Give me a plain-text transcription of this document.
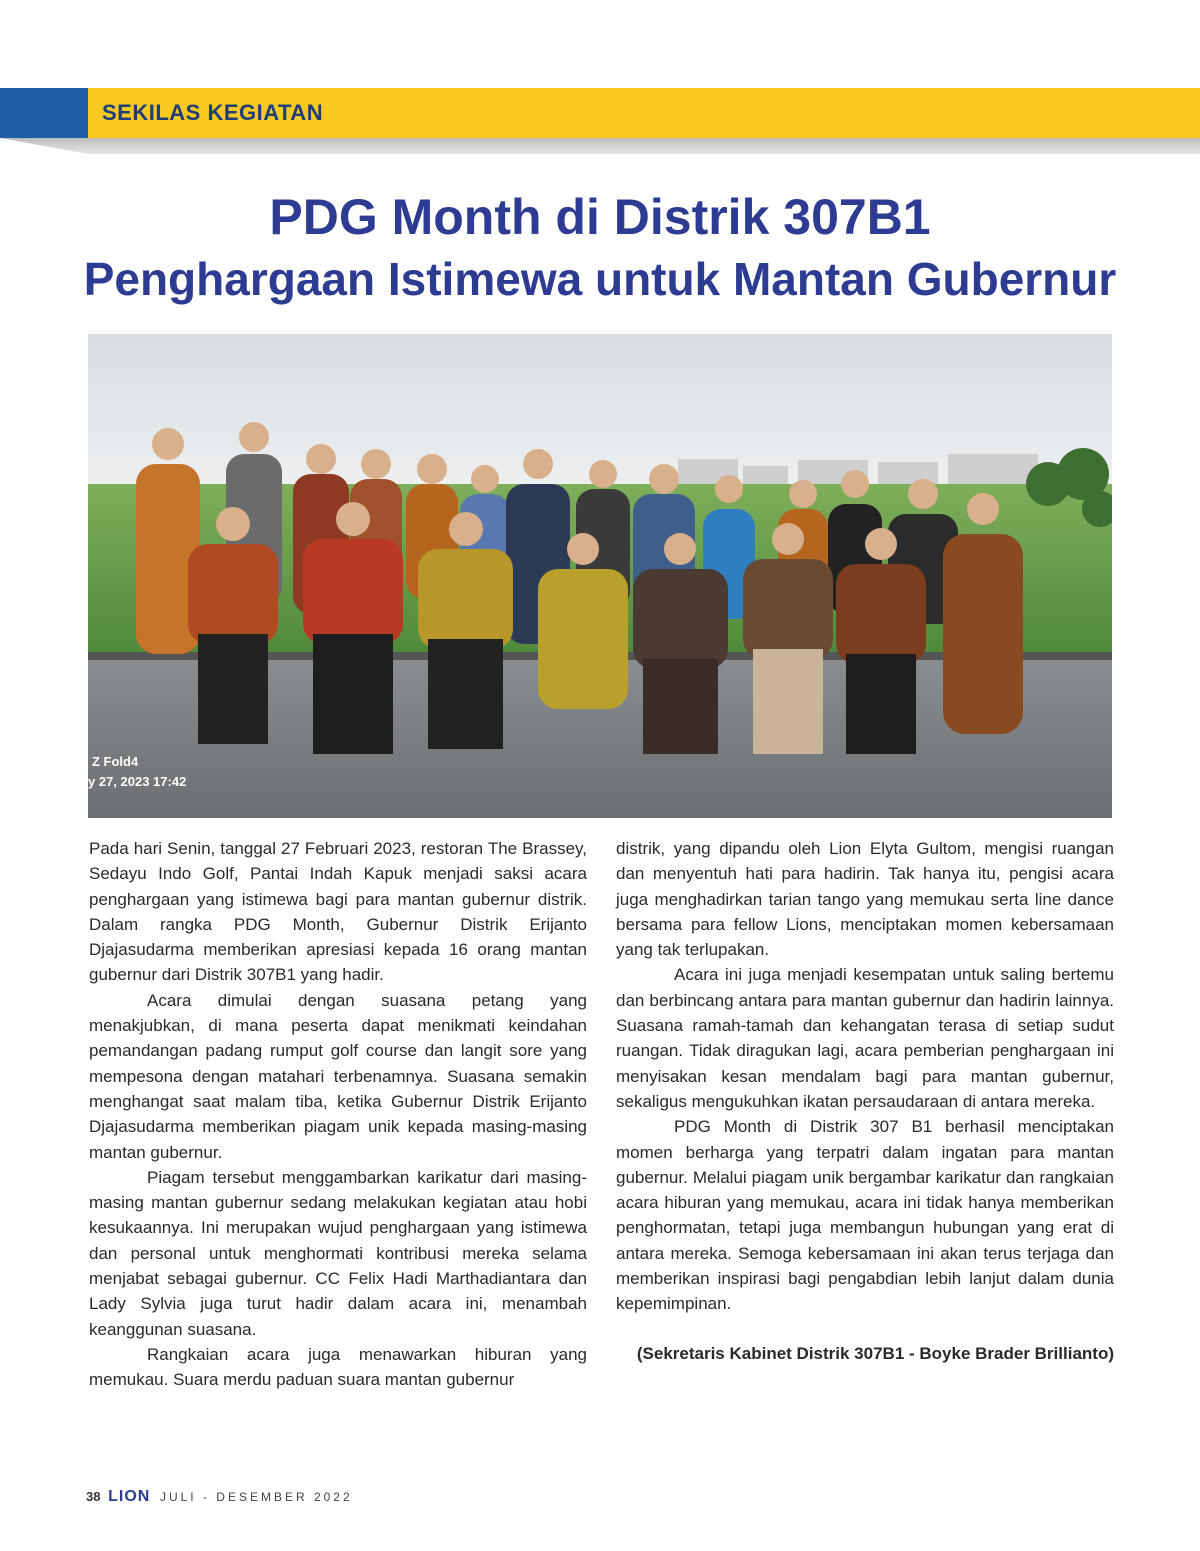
SEKILAS KEGIATAN
PDG Month di Distrik 307B1
Penghargaan Istimewa untuk Mantan Gubernur
Z Fold4
y 27, 2023 17:42

Pada hari Senin, tanggal 27 Februari 2023, restoran The Brassey, Sedayu Indo Golf, Pantai Indah Kapuk menjadi saksi acara penghargaan yang istimewa bagi para mantan gubernur distrik. Dalam rangka PDG Month, Gubernur Distrik Erijanto Djajasudarma memberikan apresiasi kepada 16 orang mantan gubernur dari Distrik 307B1 yang hadir.

Acara dimulai dengan suasana petang yang menakjubkan, di mana peserta dapat menikmati keindahan pemandangan padang rumput golf course dan langit sore yang mempesona dengan matahari terbenamnya. Suasana semakin menghangat saat malam tiba, ketika Gubernur Distrik Erijanto Djajasudarma memberikan piagam unik kepada masing-masing mantan gubernur.

Piagam tersebut menggambarkan karikatur dari masing-masing mantan gubernur sedang melakukan kegiatan atau hobi kesukaannya. Ini merupakan wujud penghargaan yang istimewa dan personal untuk menghormati kontribusi mereka selama menjabat sebagai gubernur. CC Felix Hadi Marthadiantara dan Lady Sylvia juga turut hadir dalam acara ini, menambah keanggunan suasana.

Rangkaian acara juga menawarkan hiburan yang memukau. Suara merdu paduan suara mantan gubernur

distrik, yang dipandu oleh Lion Elyta Gultom, mengisi ruangan dan menyentuh hati para hadirin. Tak hanya itu, pengisi acara juga menghadirkan tarian tango yang memukau serta line dance bersama para fellow Lions, menciptakan momen kebersamaan yang tak terlupakan.

Acara ini juga menjadi kesempatan untuk saling bertemu dan berbincang antara para mantan gubernur dan hadirin lainnya. Suasana ramah-tamah dan kehangatan terasa di setiap sudut ruangan. Tidak diragukan lagi, acara pemberian penghargaan ini menyisakan kesan mendalam bagi para mantan gubernur, sekaligus mengukuhkan ikatan persaudaraan di antara mereka.

PDG Month di Distrik 307 B1 berhasil menciptakan momen berharga yang terpatri dalam ingatan para mantan gubernur. Melalui piagam unik bergambar karikatur dan rangkaian acara hiburan yang memukau, acara ini tidak hanya memberikan penghormatan, tetapi juga membangun hubungan yang erat di antara mereka. Semoga kebersamaan ini akan terus terjaga dan memberikan inspirasi bagi pengabdian lebih lanjut dalam dunia kepemimpinan.

(Sekretaris Kabinet Distrik 307B1 - Boyke Brader Brillianto)

38 LION JULI - DESEMBER 2022
